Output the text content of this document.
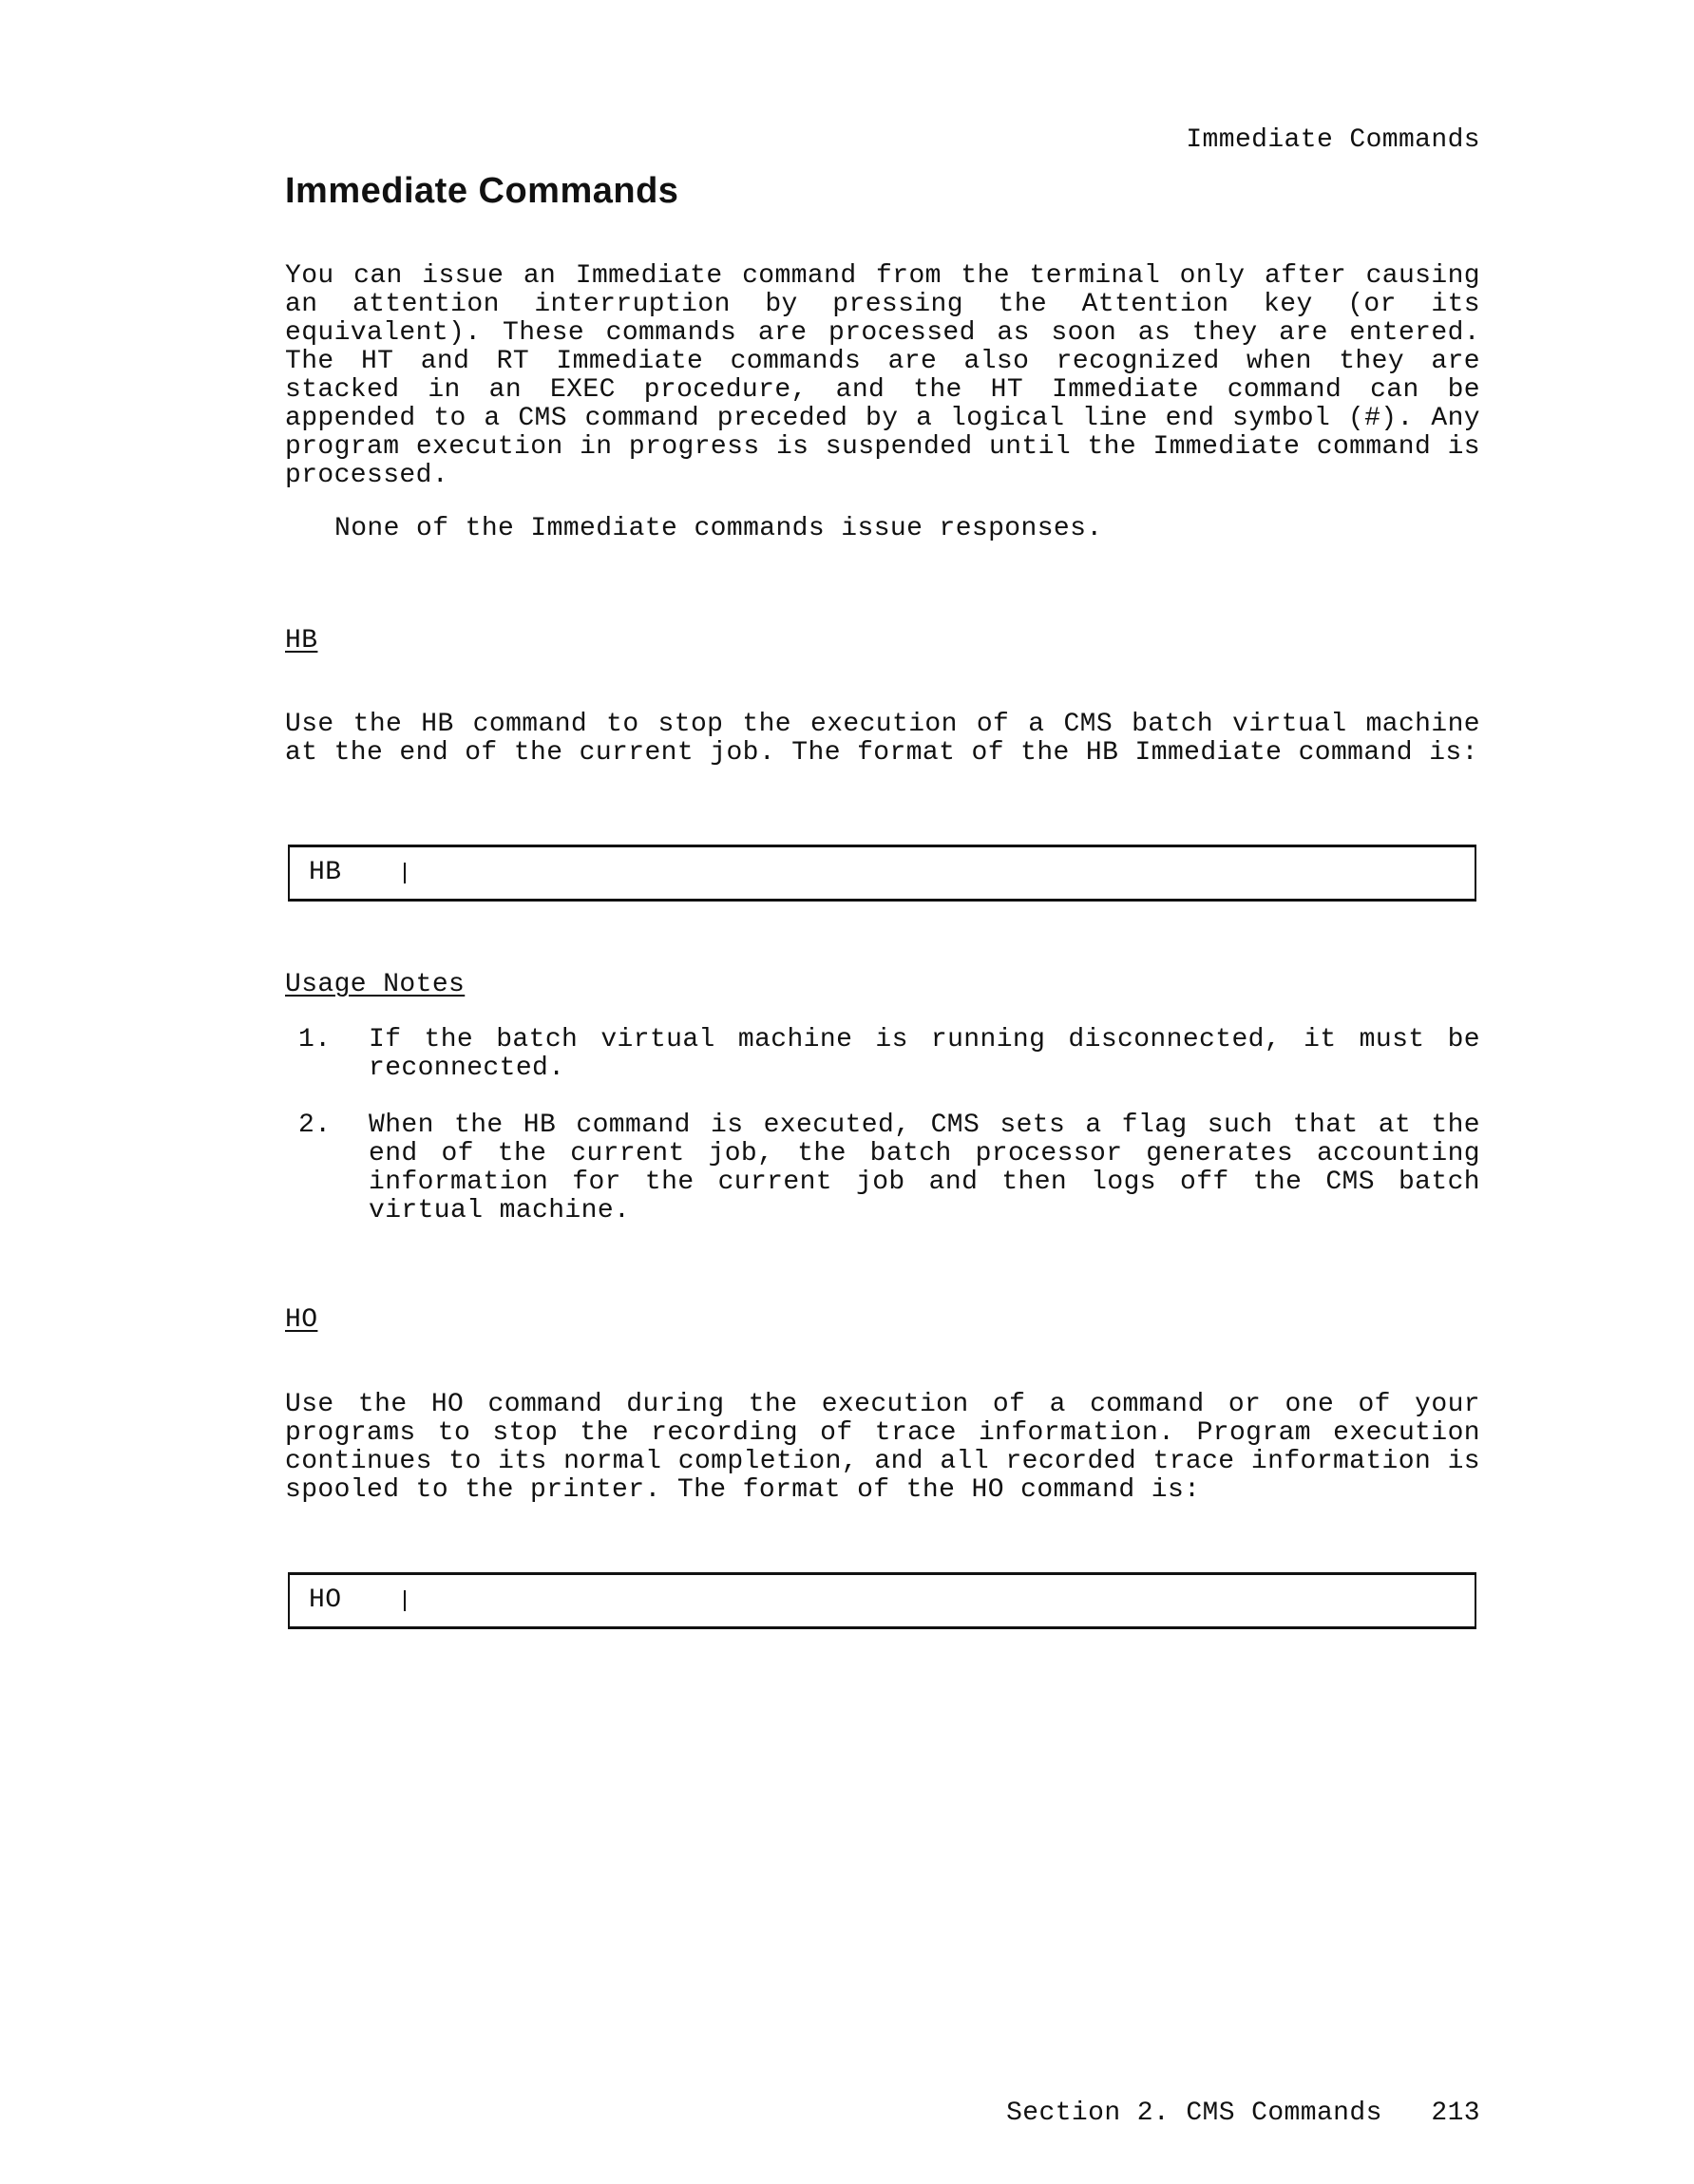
Immediate Commands

Immediate Commands

You can issue an Immediate command from the terminal only after causing an attention interruption by pressing the Attention key (or its equivalent). These commands are processed as soon as they are entered. The HT and RT Immediate commands are also recognized when they are stacked in an EXEC procedure, and the HT Immediate command can be appended to a CMS command preceded by a logical line end symbol (#). Any program execution in progress is suspended until the Immediate command is processed.

None of the Immediate commands issue responses.

HB

Use the HB command to stop the execution of a CMS batch virtual machine at the end of the current job. The format of the HB Immediate command is:

HB
Usage Notes
1.	If the batch virtual machine is running disconnected, it must be reconnected.
2.	When the HB command is executed, CMS sets a flag such that at the end of the current job, the batch processor generates accounting information for the current job and then logs off the CMS batch virtual machine.
HO

Use the HO command during the execution of a command or one of your programs to stop the recording of trace information. Program execution continues to its normal completion, and all recorded trace information is spooled to the printer. The format of the HO command is:

HO

Section 2. CMS Commands 213
